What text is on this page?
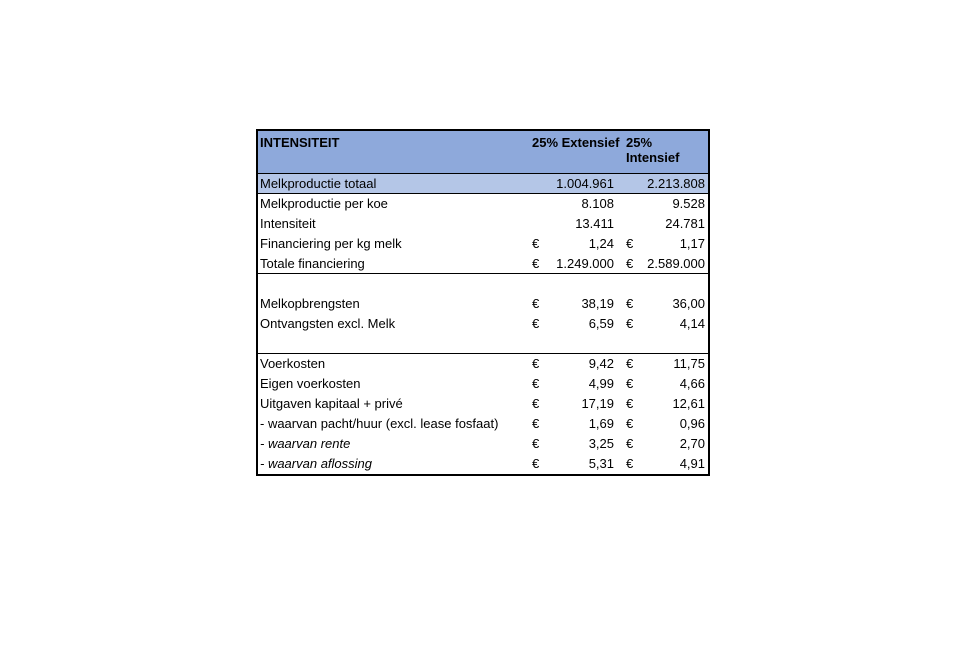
INTENSITEIT	25% Extensief 25% Intensief
Melkproductie totaal	1.004.961	2.213.808
Melkproductie per koe	8.108	9.528
Intensiteit	13.411	24.781
Financiering per kg melk	€	1,24 €	1,17
Totale financiering	€ 1.249.000 € 2.589.000
Melkopbrengsten	€	38,19 €	36,00
Ontvangsten excl. Melk	€	6,59 €	4,14
Voerkosten	€	9,42 €	11,75
Eigen voerkosten	€	4,99 €	4,66
Uitgaven kapitaal + privé	€	17,19 €	12,61
- waarvan pacht/huur (excl. lease fosfaat)	€	1,69 €	0,96
- waarvan rente	€	3,25 €	2,70
- waarvan aflossing	€	5,31 €	4,91
